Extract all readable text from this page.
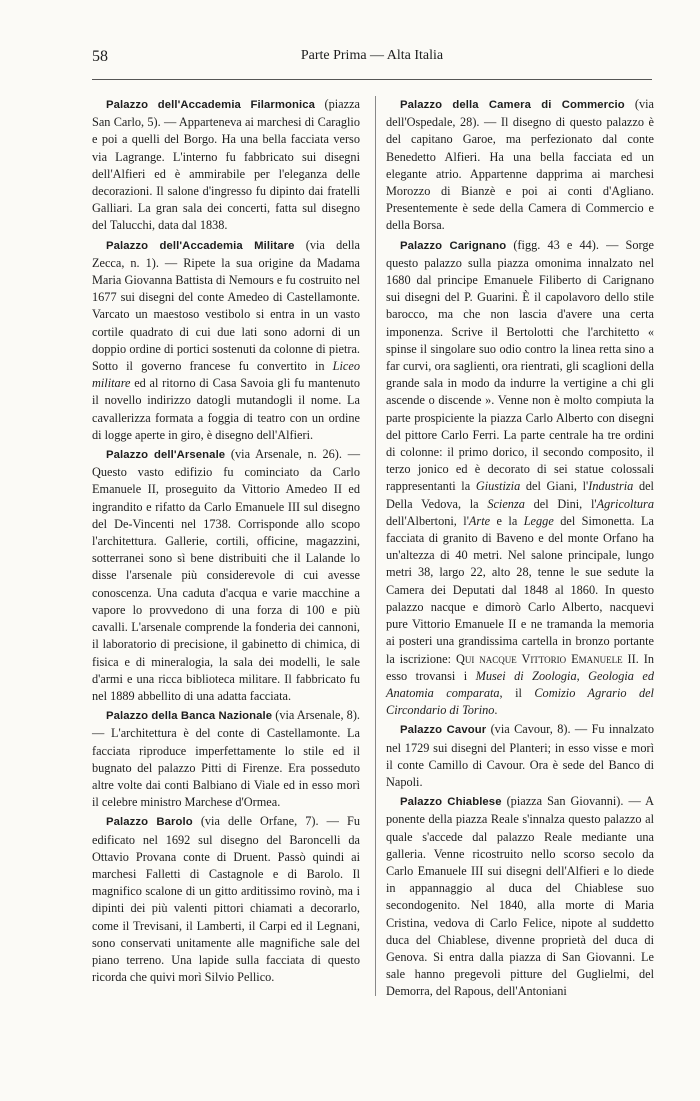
Parte Prima — Alta Italia
58

Palazzo dell'Accademia Filarmonica (piazza San Carlo, 5). — Apparteneva ai marchesi di Caraglio e poi a quelli del Borgo. Ha una bella facciata verso via Lagrange. L'interno fu fabbricato sui disegni dell'Alfieri ed è ammirabile per l'eleganza delle decorazioni. Il salone d'ingresso fu dipinto dai fratelli Galliari. La gran sala dei concerti, fatta sul disegno del Talucchi, data dal 1838.

Palazzo dell'Accademia Militare (via della Zecca, n. 1). — Ripete la sua origine da Madama Maria Giovanna Battista di Nemours e fu costruito nel 1677 sui disegni del conte Amedeo di Castellamonte. Varcato un maestoso vestibolo si entra in un vasto cortile quadrato di cui due lati sono adorni di un doppio ordine di portici sostenuti da colonne di pietra. Sotto il governo francese fu convertito in Liceo militare ed al ritorno di Casa Savoia gli fu mantenuto il novello indirizzo datogli mutandogli il nome. La cavallerizza formata a foggia di teatro con un ordine di logge aperte in giro, è disegno dell'Alfieri.

Palazzo dell'Arsenale (via Arsenale, n. 26). — Questo vasto edifizio fu cominciato da Carlo Emanuele II, proseguito da Vittorio Amedeo II ed ingrandito e rifatto da Carlo Emanuele III sul disegno del De-Vincenti nel 1738. Corrisponde allo scopo l'architettura. Gallerie, cortili, officine, magazzini, sotterranei sono sì bene distribuiti che il Lalande lo disse l'arsenale più considerevole di cui avesse conoscenza. Una caduta d'acqua e varie macchine a vapore lo provvedono di una forza di 100 e più cavalli. L'arsenale comprende la fonderia dei cannoni, il laboratorio di precisione, il gabinetto di chimica, di fisica e di mineralogia, la sala dei modelli, le sale d'armi e una ricca biblioteca militare. Il fabbricato fu nel 1889 abbellito di una adatta facciata.

Palazzo della Banca Nazionale (via Arsenale, 8). — L'architettura è del conte di Castellamonte. La facciata riproduce imperfettamente lo stile ed il bugnato del palazzo Pitti di Firenze. Era posseduto altre volte dai conti Balbiano di Viale ed in esso morì il celebre ministro Marchese d'Ormea.

Palazzo Barolo (via delle Orfane, 7). — Fu edificato nel 1692 sul disegno del Baroncelli da Ottavio Provana conte di Druent. Passò quindi ai marchesi Falletti di Castagnole e di Barolo. Il magnifico scalone di un gitto arditissimo rovinò, ma i dipinti dei più valenti pittori chiamati a decorarlo, come il Trevisani, il Lamberti, il Carpi ed il Legnani, sono conservati unitamente alle magnifiche sale del piano terreno. Una lapide sulla facciata di questo ricorda che quivi morì Silvio Pellico.

Palazzo della Camera di Commercio (via dell'Ospedale, 28). — Il disegno di questo palazzo è del capitano Garoe, ma perfezionato dal conte Benedetto Alfieri. Ha una bella facciata ed un elegante atrio. Appartenne dapprima ai marchesi Morozzo di Bianzè e poi ai conti d'Agliano. Presentemente è sede della Camera di Commercio e della Borsa.

Palazzo Carignano (figg. 43 e 44). — Sorge questo palazzo sulla piazza omonima innalzato nel 1680 dal principe Emanuele Filiberto di Carignano sui disegni del P. Guarini. È il capolavoro dello stile barocco, ma che non lascia d'avere una certa imponenza. Scrive il Bertolotti che l'architetto « spinse il singolare suo odio contro la linea retta sino a far curvi, ora saglienti, ora rientrati, gli scaglioni della grande sala in modo da indurre la vertigine a chi gli ascende o discende ». Venne non è molto compiuta la parte prospiciente la piazza Carlo Alberto con disegni del pittore Carlo Ferri. La parte centrale ha tre ordini di colonne: il primo dorico, il secondo composito, il terzo jonico ed è decorato di sei statue colossali rappresentanti la Giustizia del Giani, l'Industria del Della Vedova, la Scienza del Dini, l'Agricoltura dell'Albertoni, l'Arte e la Legge del Simonetta. La facciata di granito di Baveno e del monte Orfano ha un'altezza di 40 metri. Nel salone principale, lungo metri 38, largo 22, alto 28, tenne le sue sedute la Camera dei Deputati dal 1848 al 1860. In questo palazzo nacque e dimorò Carlo Alberto, nacquevi pure Vittorio Emanuele II e ne tramanda la memoria ai posteri una grandissima cartella in bronzo portante la iscrizione: Qui nacque Vittorio Emanuele II. In esso trovansi i Musei di Zoologia, Geologia ed Anatomia comparata, il Comizio Agrario del Circondario di Torino.

Palazzo Cavour (via Cavour, 8). — Fu innalzato nel 1729 sui disegni del Planteri; in esso visse e morì il conte Camillo di Cavour. Ora è sede del Banco di Napoli.

Palazzo Chiablese (piazza San Giovanni). — A ponente della piazza Reale s'innalza questo palazzo al quale s'accede dal palazzo Reale mediante una galleria. Venne ricostruito nello scorso secolo da Carlo Emanuele III sui disegni dell'Alfieri e lo diede in appannaggio al duca del Chiablese suo secondogenito. Nel 1840, alla morte di Maria Cristina, vedova di Carlo Felice, nipote al suddetto duca del Chiablese, divenne proprietà del duca di Genova. Si entra dalla piazza di San Giovanni. Le sale hanno pregevoli pitture del Guglielmi, del Demorra, del Rapous, dell'Antoniani
